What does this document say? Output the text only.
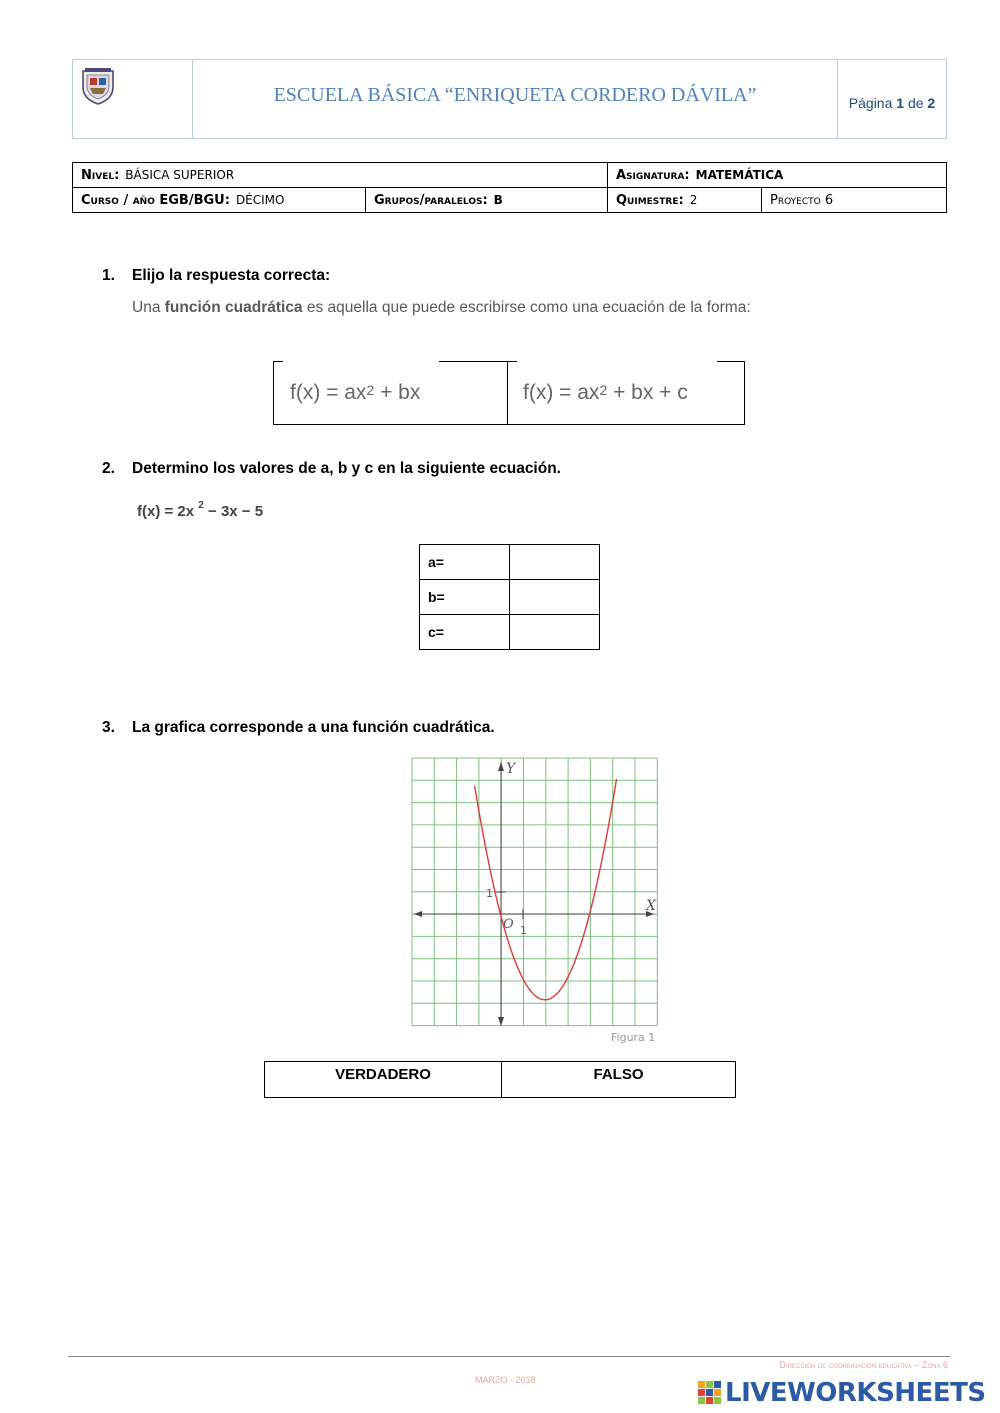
ESCUELA BÁSICA “ENRIQUETA CORDERO DÁVILA”	Página
1
de
2
Nivel: BÁSICA SUPERIOR		Asignatura: MATEMÁTICA	
Curso / año EGB/BGU: DÉCIMO	Grupos/paralelos: B	Quimestre: 2	Proyecto 6
1. Elijo la respuesta correcta:
Una función cuadrática es aquella que puede escribirse como una ecuación de la forma:
$f(x) = ax^2$ + bx	$f(x) = ax^2$ + bx + c
2. Determino los valores de a, b y c en la siguiente ecuación.
f(x) = 2x $^2$ − 3x − 5
a=	
b=	
c=	
3. La grafica corresponde a una función cuadrática.
Y
X
O
1
1
Figura 1
VERDADERO	FALSO
Dirección de coordinación educativa – Zona 6
MARZO - 2018	LIVEWORKSHEETS
